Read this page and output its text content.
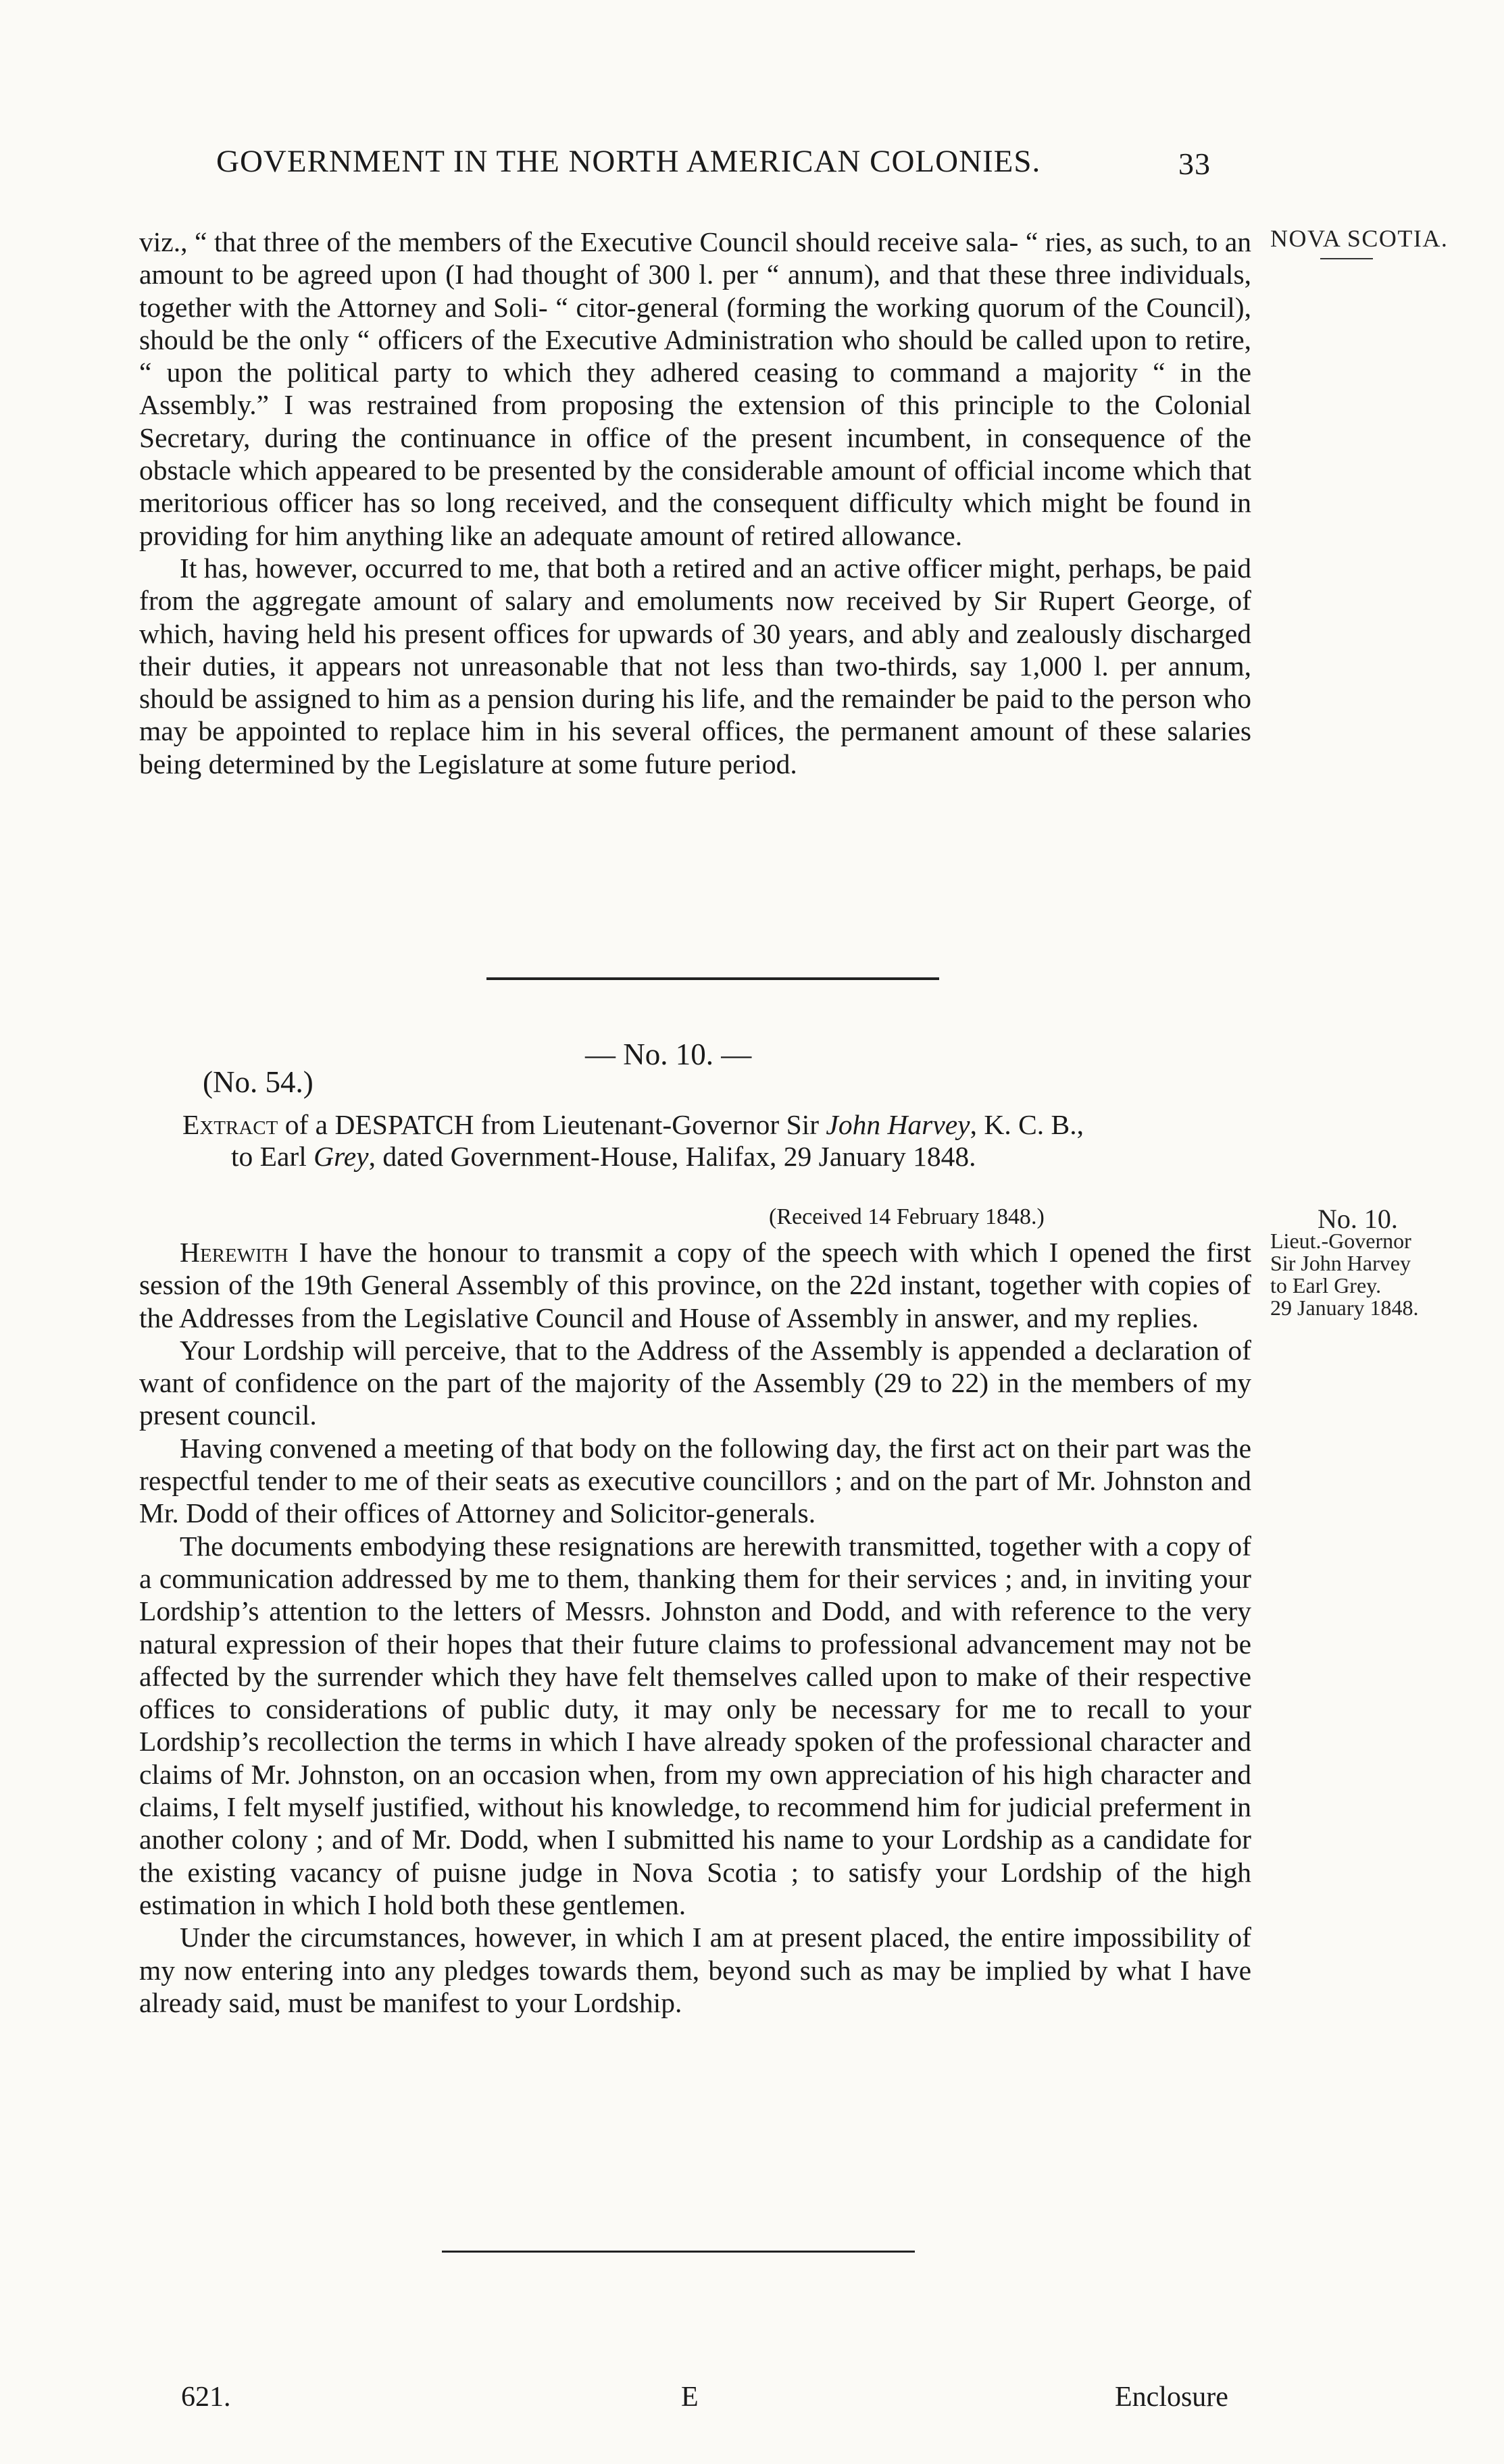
GOVERNMENT IN THE NORTH AMERICAN COLONIES.	33
NOVA SCOTIA.

viz., “ that three of the members of the Executive Council should receive sala- “ ries, as such, to an amount to be agreed upon (I had thought of 300 l. per “ annum), and that these three individuals, together with the Attorney and Soli- “ citor-general (forming the working quorum of the Council), should be the only “ officers of the Executive Administration who should be called upon to retire, “ upon the political party to which they adhered ceasing to command a majority “ in the Assembly.” I was restrained from proposing the extension of this principle to the Colonial Secretary, during the continuance in office of the present incumbent, in consequence of the obstacle which appeared to be presented by the considerable amount of official income which that meritorious officer has so long received, and the consequent difficulty which might be found in providing for him anything like an adequate amount of retired allowance.

It has, however, occurred to me, that both a retired and an active officer might, perhaps, be paid from the aggregate amount of salary and emoluments now received by Sir Rupert George, of which, having held his present offices for upwards of 30 years, and ably and zealously discharged their duties, it appears not unreasonable that not less than two-thirds, say 1,000 l. per annum, should be assigned to him as a pension during his life, and the remainder be paid to the person who may be appointed to replace him in his several offices, the permanent amount of these salaries being determined by the Legislature at some future period.

— No. 10. —
(No. 54.)
Extract of a DESPATCH from Lieutenant-Governor Sir John Harvey, K. C. B.,
to Earl Grey, dated Government-House, Halifax, 29 January 1848.
(Received 14 February 1848.)	No. 10.
Lieut.-Governor
Sir John Harvey
to Earl Grey.
29 January 1848.

Herewith I have the honour to transmit a copy of the speech with which I opened the first session of the 19th General Assembly of this province, on the 22d instant, together with copies of the Addresses from the Legislative Council and House of Assembly in answer, and my replies.

Your Lordship will perceive, that to the Address of the Assembly is appended a declaration of want of confidence on the part of the majority of the Assembly (29 to 22) in the members of my present council.

Having convened a meeting of that body on the following day, the first act on their part was the respectful tender to me of their seats as executive councillors ; and on the part of Mr. Johnston and Mr. Dodd of their offices of Attorney and Solicitor-generals.

The documents embodying these resignations are herewith transmitted, together with a copy of a communication addressed by me to them, thanking them for their services ; and, in inviting your Lordship’s attention to the letters of Messrs. Johnston and Dodd, and with reference to the very natural expression of their hopes that their future claims to professional advancement may not be affected by the surrender which they have felt themselves called upon to make of their respective offices to considerations of public duty, it may only be necessary for me to recall to your Lordship’s recollection the terms in which I have already spoken of the professional character and claims of Mr. Johnston, on an occasion when, from my own appreciation of his high character and claims, I felt myself justified, without his knowledge, to recommend him for judicial preferment in another colony ; and of Mr. Dodd, when I submitted his name to your Lordship as a candidate for the existing vacancy of puisne judge in Nova Scotia ; to satisfy your Lordship of the high estimation in which I hold both these gentlemen.

Under the circumstances, however, in which I am at present placed, the entire impossibility of my now entering into any pledges towards them, beyond such as may be implied by what I have already said, must be manifest to your Lordship.

621.	E	Enclosure
